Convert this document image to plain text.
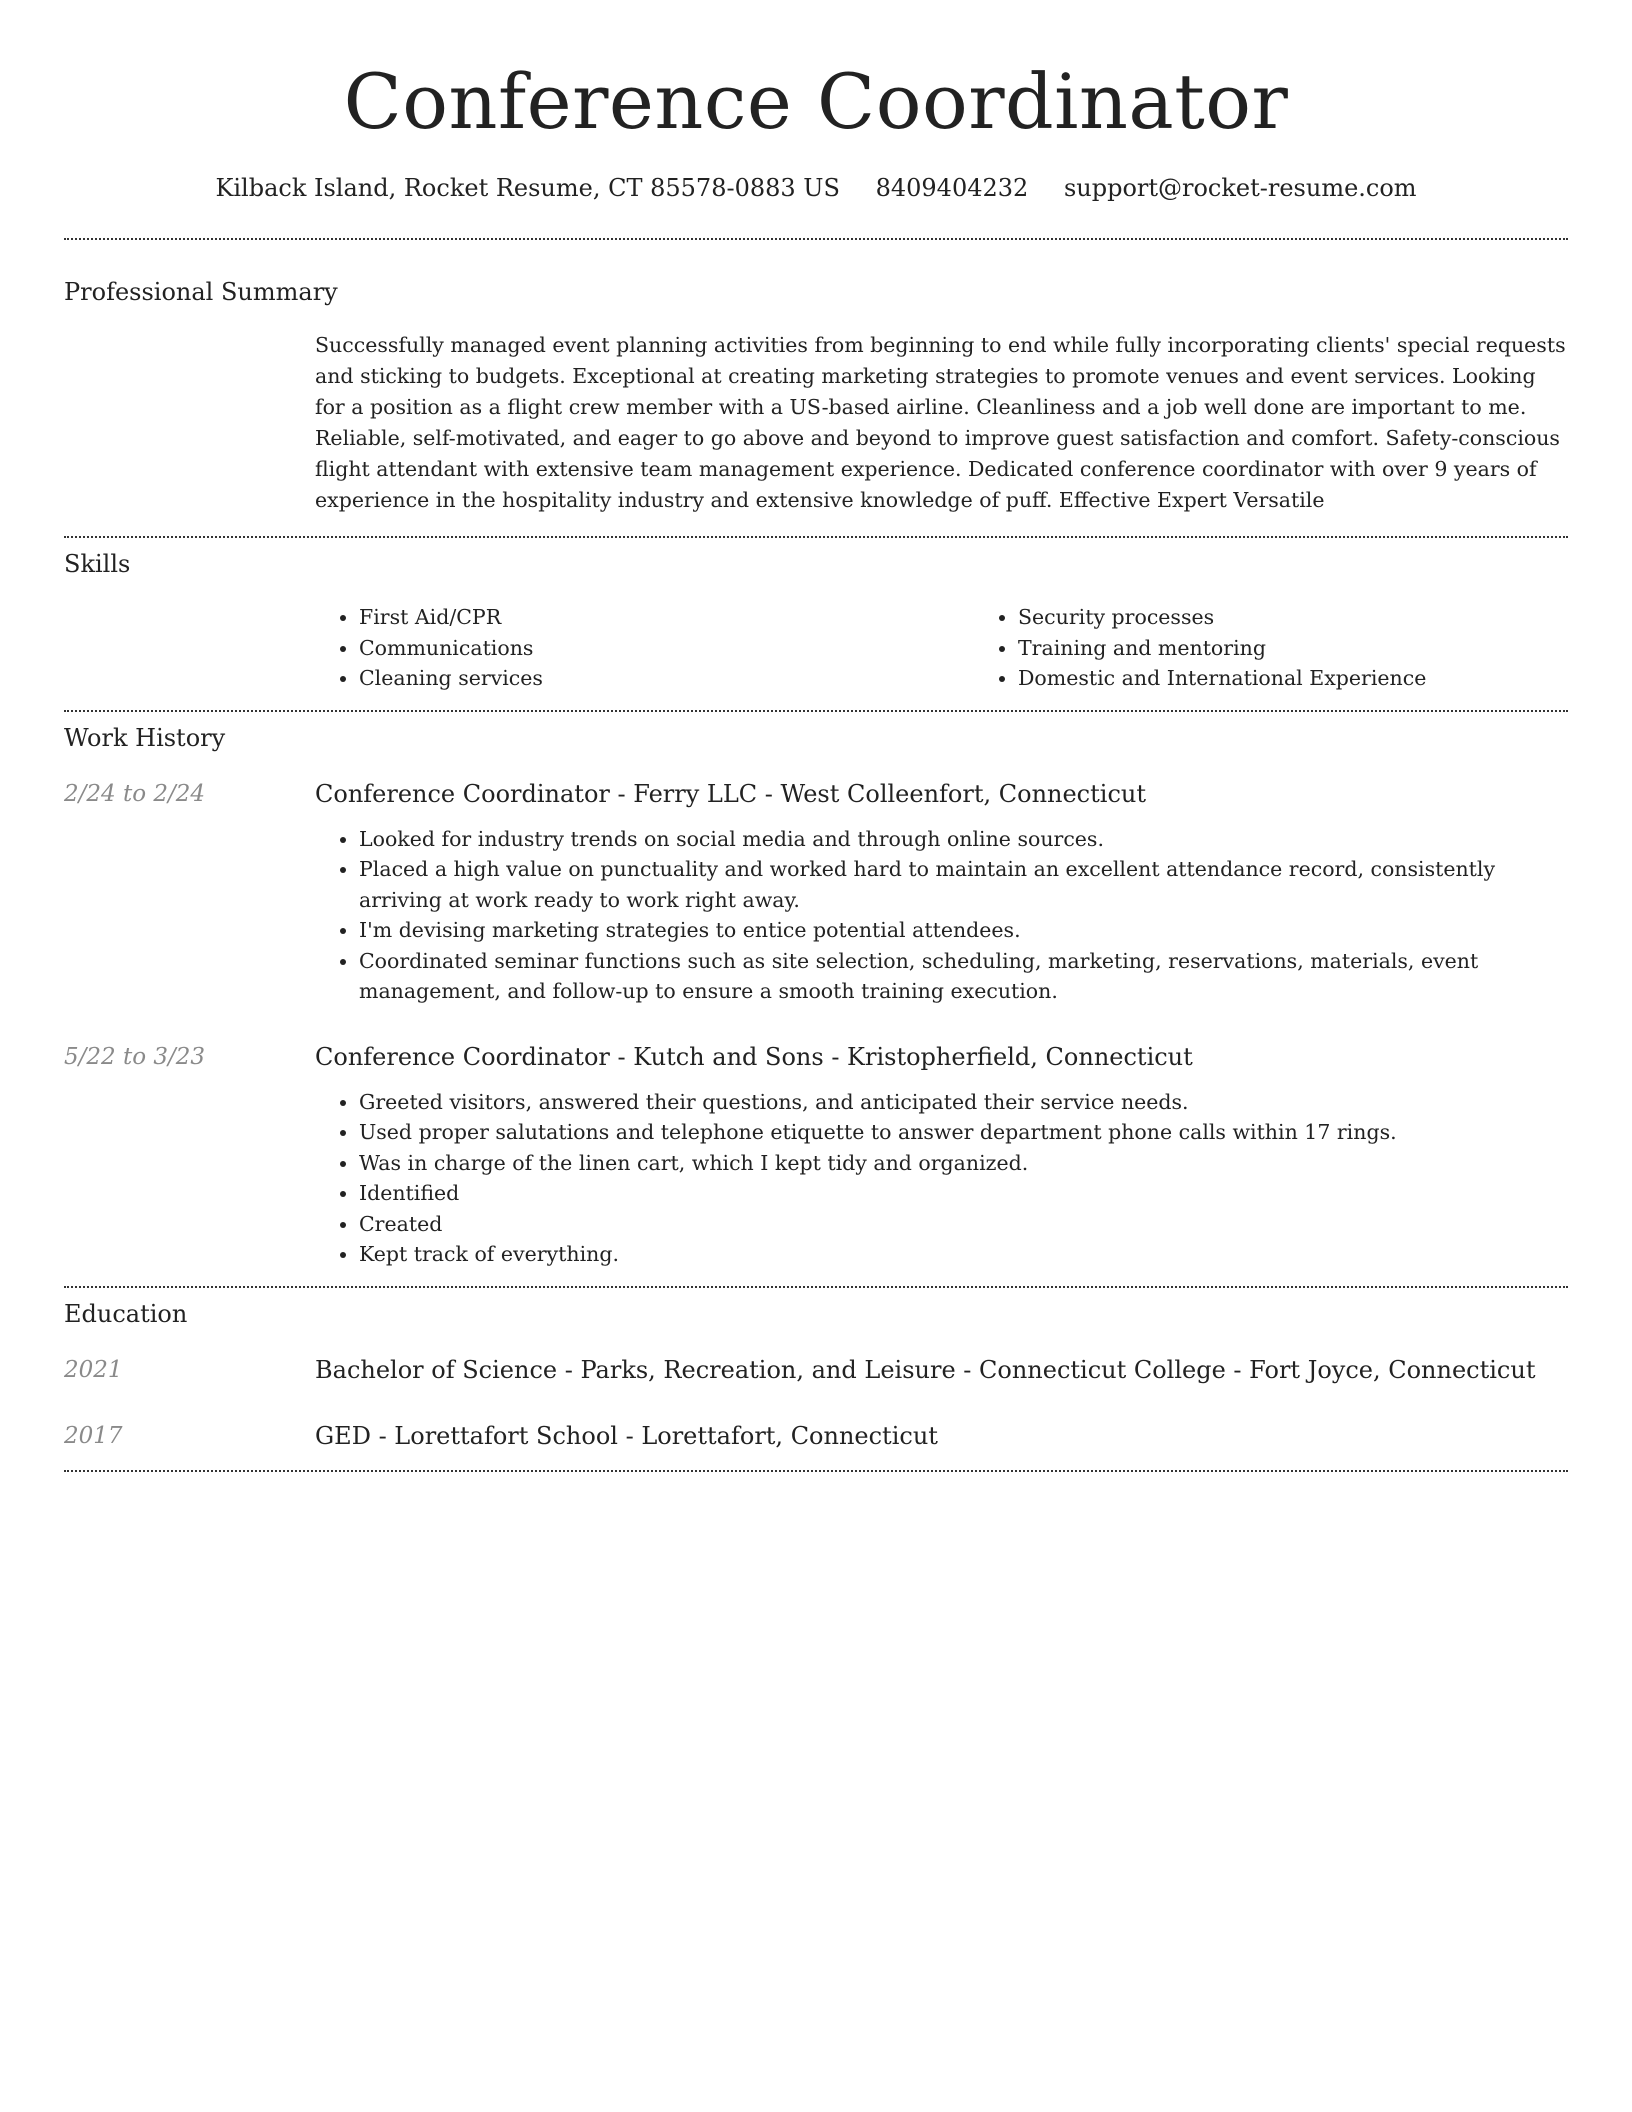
Conference Coordinator
Kilback Island, Rocket Resume, CT 85578-0883 US 8409404232 support@rocket-resume.com
Professional Summary

Successfully managed event planning activities from beginning to end while fully incorporating clients' special requests and sticking to budgets. Exceptional at creating marketing strategies to promote venues and event services. Looking for a position as a flight crew member with a US-based airline. Cleanliness and a job well done are important to me. Reliable, self-motivated, and eager to go above and beyond to improve guest satisfaction and comfort. Safety-conscious flight attendant with extensive team management experience. Dedicated conference coordinator with over 9 years of experience in the hospitality industry and extensive knowledge of puff. Effective Expert Versatile

Skills
• First Aid/CPR
• Communications
• Cleaning services
• Security processes
• Training and mentoring
• Domestic and International Experience
Work History
2/24 to 2/24	Conference Coordinator - Ferry LLC - West Colleenfort, Connecticut
• Looked for industry trends on social media and through online sources.
• Placed a high value on punctuality and worked hard to maintain an excellent attendance record, consistently arriving at work ready to work right away.
• I'm devising marketing strategies to entice potential attendees.
• Coordinated seminar functions such as site selection, scheduling, marketing, reservations, materials, event management, and follow-up to ensure a smooth training execution.
5/22 to 3/23	Conference Coordinator - Kutch and Sons - Kristopherfield, Connecticut
• Greeted visitors, answered their questions, and anticipated their service needs.
• Used proper salutations and telephone etiquette to answer department phone calls within 17 rings.
• Was in charge of the linen cart, which I kept tidy and organized.
• Identified
• Created
• Kept track of everything.
Education
2021	Bachelor of Science - Parks, Recreation, and Leisure - Connecticut College - Fort Joyce, Connecticut
2017	GED - Lorettafort School - Lorettafort, Connecticut
